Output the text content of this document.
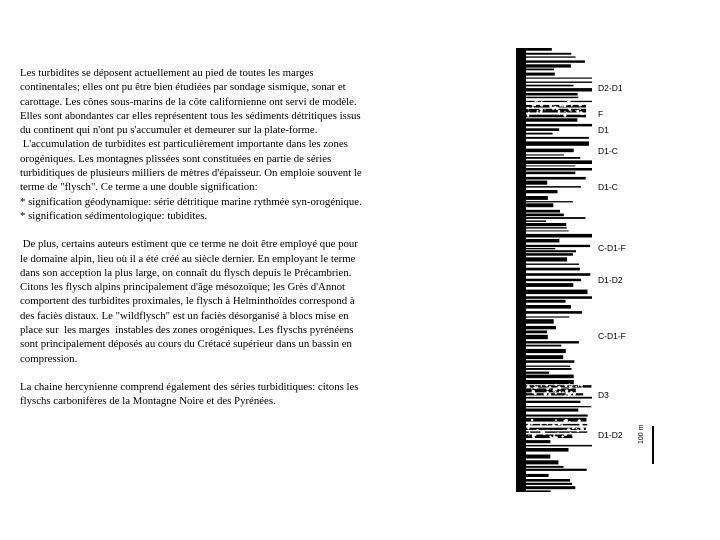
Les turbidites se déposent actuellement au pied de toutes les marges continentales; elles ont pu être bien étudiées par sondage sismique, sonar et carottage. Les cônes sous-marins de la côte californienne ont servi de modèle. Elles sont abondantes car elles représentent tous les sédiments détritiques issus du continent qui n'ont pu s'accumuler et demeurer sur la plate-forme.

L'accumulation de turbidites est particulièrement importante dans les zones orogéniques. Les montagnes plissées sont constituées en partie de séries turbiditiques de plusieurs milliers de mètres d'épaisseur. On emploie souvent le terme de "flysch". Ce terme a une double signification:

* signification géodynamique: série détritique marine rythmée syn-orogénique.

* signification sédimentologique: tubidites.

De plus, certains auteurs estiment que ce terme ne doit être employé que pour le domaine alpin, lieu où il a été créé au siècle dernier. En employant le terme dans son acception la plus large, on connaît du flysch depuis le Précambrien. Citons les flysch alpins principalement d'âge mésozoïque; les Grès d'Annot comportent des turbidites proximales, le flysch à Helminthoïdes correspond à des faciès distaux. Le "wildflysch" est un faciès désorganisé à blocs mise en place sur  les marges  instables des zones orogéniques. Les flyschs pyrénéens sont principalement déposés au cours du Crétacé supérieur dans un bassin en compression.

La chaine hercynienne comprend également des séries turbiditiques: citons les flyschs carbonifères de la Montagne Noire et des Pyrénées.

D2-D1
F
D1
D1-C
D1-C
C-D1-F
D1-D2
C-D1-F
D3
D1-D2 100 m
